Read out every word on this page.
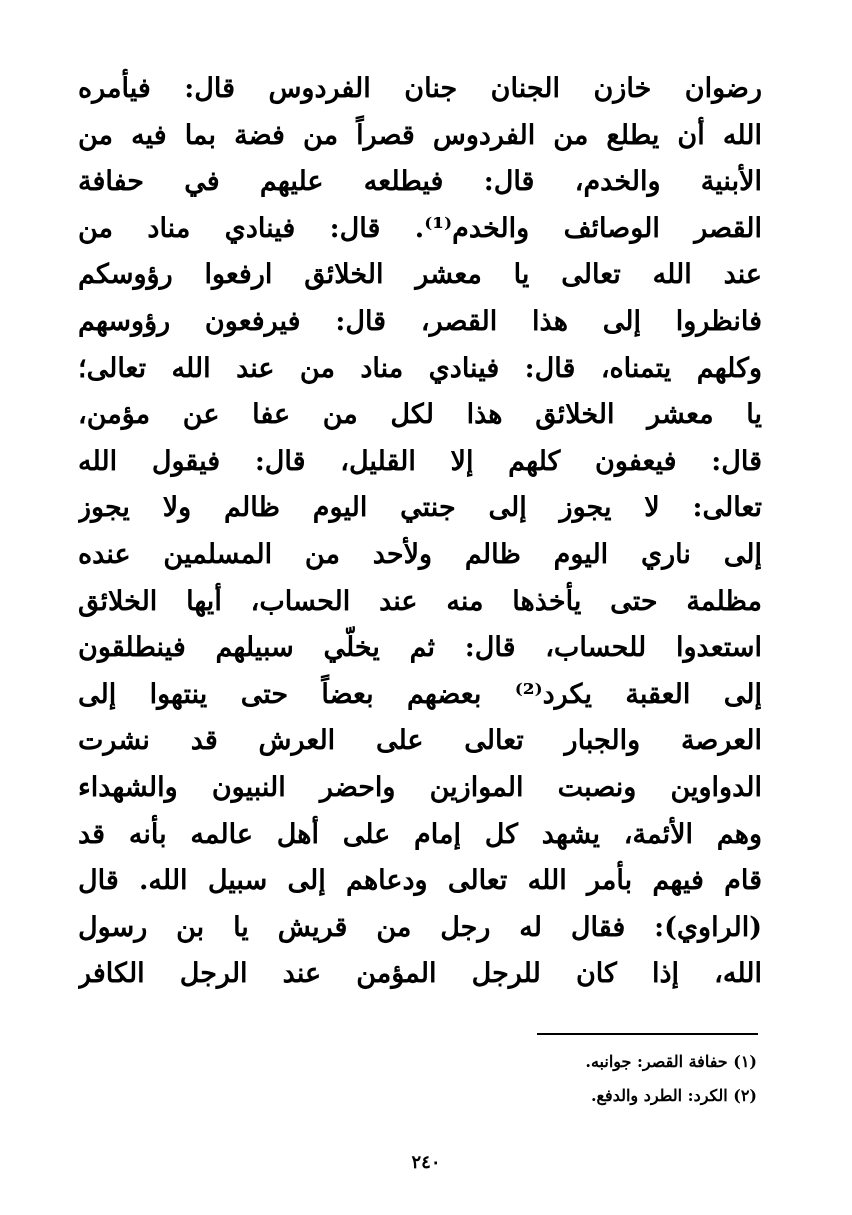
رضوان خازن الجنان جنان الفردوس قال: فيأمره
الله أن يطلع من الفردوس قصراً من فضة بما فيه من
الأبنية والخدم، قال: فيطلعه عليهم في حفافة
القصر الوصائف والخدم⁽¹⁾. قال: فينادي مناد من
عند الله تعالى يا معشر الخلائق ارفعوا رؤوسكم
فانظروا إلى هذا القصر، قال: فيرفعون رؤوسهم
وكلهم يتمناه، قال: فينادي مناد من عند الله تعالى؛
يا معشر الخلائق هذا لكل من عفا عن مؤمن،
قال: فيعفون كلهم إلا القليل، قال: فيقول الله
تعالى: لا يجوز إلى جنتي اليوم ظالم ولا يجوز
إلى ناري اليوم ظالم ولأحد من المسلمين عنده
مظلمة حتى يأخذها منه عند الحساب، أيها الخلائق
استعدوا للحساب، قال: ثم يخلّي سبيلهم فينطلقون
إلى العقبة يكرد⁽²⁾ بعضهم بعضاً حتى ينتهوا إلى
العرصة والجبار تعالى على العرش قد نشرت
الدواوين ونصبت الموازين واحضر النبيون والشهداء
وهم الأئمة، يشهد كل إمام على أهل عالمه بأنه قد
قام فيهم بأمر الله تعالى ودعاهم إلى سبيل الله. قال
(الراوي): فقال له رجل من قريش يا بن رسول
الله، إذا كان للرجل المؤمن عند الرجل الكافر
(١) حفافة القصر: جوانبه.
(٢) الكرد: الطرد والدفع.
٢٤٠
